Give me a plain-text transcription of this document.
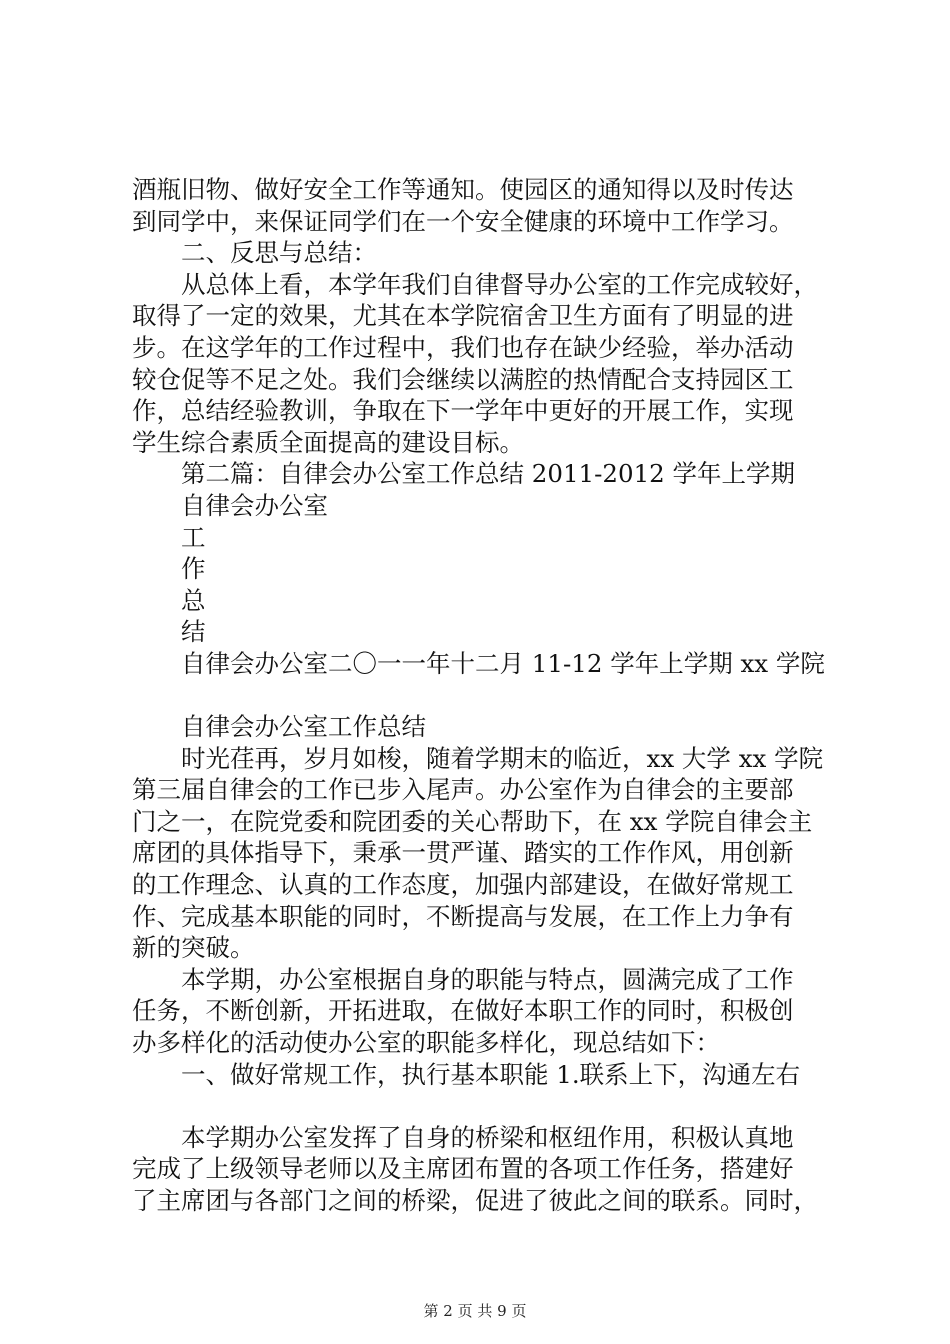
酒瓶旧物、做好安全工作等通知。使园区的通知得以及时传达

到同学中，来保证同学们在一个安全健康的环境中工作学习。

二、反思与总结：

从总体上看，本学年我们自律督导办公室的工作完成较好，

取得了一定的效果，尤其在本学院宿舍卫生方面有了明显的进

步。在这学年的工作过程中，我们也存在缺少经验，举办活动

较仓促等不足之处。我们会继续以满腔的热情配合支持园区工

作，总结经验教训，争取在下一学年中更好的开展工作，实现

学生综合素质全面提高的建设目标。

第二篇：自律会办公室工作总结 2011-2012 学年上学期

自律会办公室

工

作

总

结

自律会办公室二〇一一年十二月 11-12 学年上学期 xx 学院

自律会办公室工作总结

时光荏再，岁月如梭，随着学期末的临近，xx 大学 xx 学院

第三届自律会的工作已步入尾声。办公室作为自律会的主要部

门之一，在院党委和院团委的关心帮助下，在 xx 学院自律会主

席团的具体指导下，秉承一贯严谨、踏实的工作作风，用创新

的工作理念、认真的工作态度，加强内部建设，在做好常规工

作、完成基本职能的同时，不断提高与发展，在工作上力争有

新的突破。

本学期，办公室根据自身的职能与特点，圆满完成了工作

任务，不断创新，开拓进取，在做好本职工作的同时，积极创

办多样化的活动使办公室的职能多样化，现总结如下：

一、做好常规工作，执行基本职能 1.联系上下，沟通左右

本学期办公室发挥了自身的桥梁和枢纽作用，积极认真地

完成了上级领导老师以及主席团布置的各项工作任务，搭建好

了主席团与各部门之间的桥梁，促进了彼此之间的联系。同时，

第 2 页 共 9 页
